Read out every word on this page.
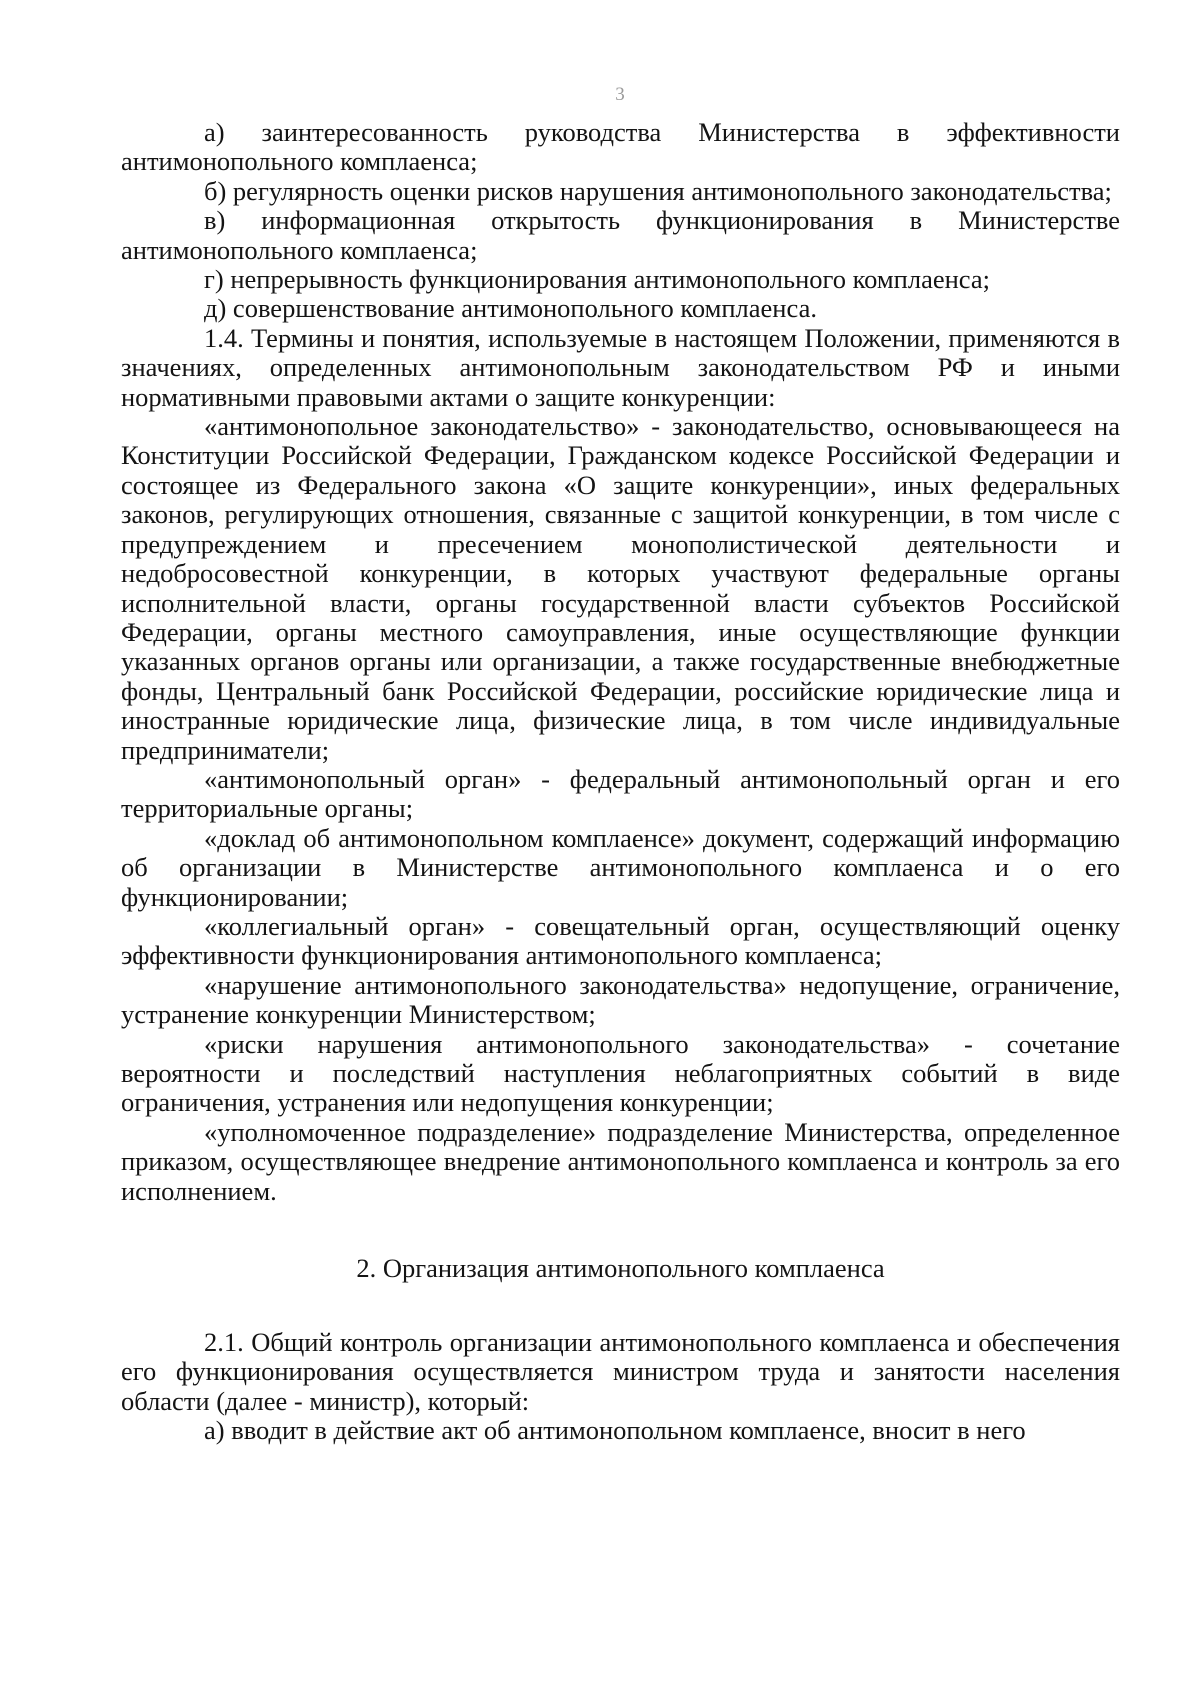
3

а) заинтересованность руководства Министерства в эффективности антимонопольного комплаенса;

б) регулярность оценки рисков нарушения антимонопольного законодательства;

в) информационная открытость функционирования в Министерстве антимонопольного комплаенса;

г) непрерывность функционирования антимонопольного комплаенса;

д) совершенствование антимонопольного комплаенса.

1.4. Термины и понятия, используемые в настоящем Положении, применяются в значениях, определенных антимонопольным законодательством РФ и иными нормативными правовыми актами о защите конкуренции:

«антимонопольное законодательство» - законодательство, основывающееся на Конституции Российской Федерации, Гражданском кодексе Российской Федерации и состоящее из Федерального закона «О защите конкуренции», иных федеральных законов, регулирующих отношения, связанные с защитой конкуренции, в том числе с предупреждением и пресечением монополистической деятельности и недобросовестной конкуренции, в которых участвуют федеральные органы исполнительной власти, органы государственной власти субъектов Российской Федерации, органы местного самоуправления, иные осуществляющие функции указанных органов органы или организации, а также государственные внебюджетные фонды, Центральный банк Российской Федерации, российские юридические лица и иностранные юридические лица, физические лица, в том числе индивидуальные предприниматели;

«антимонопольный орган» - федеральный антимонопольный орган и его территориальные органы;

«доклад об антимонопольном комплаенсе» документ, содержащий информацию об организации в Министерстве антимонопольного комплаенса и о его функционировании;

«коллегиальный орган» - совещательный орган, осуществляющий оценку эффективности функционирования антимонопольного комплаенса;

«нарушение антимонопольного законодательства» недопущение, ограничение, устранение конкуренции Министерством;

«риски нарушения антимонопольного законодательства» - сочетание вероятности и последствий наступления неблагоприятных событий в виде ограничения, устранения или недопущения конкуренции;

«уполномоченное подразделение» подразделение Министерства, определенное приказом, осуществляющее внедрение антимонопольного комплаенса и контроль за его исполнением.

2. Организация антимонопольного комплаенса

2.1. Общий контроль организации антимонопольного комплаенса и обеспечения его функционирования осуществляется министром труда и занятости населения области (далее - министр), который:

а) вводит в действие акт об антимонопольном комплаенсе, вносит в него
